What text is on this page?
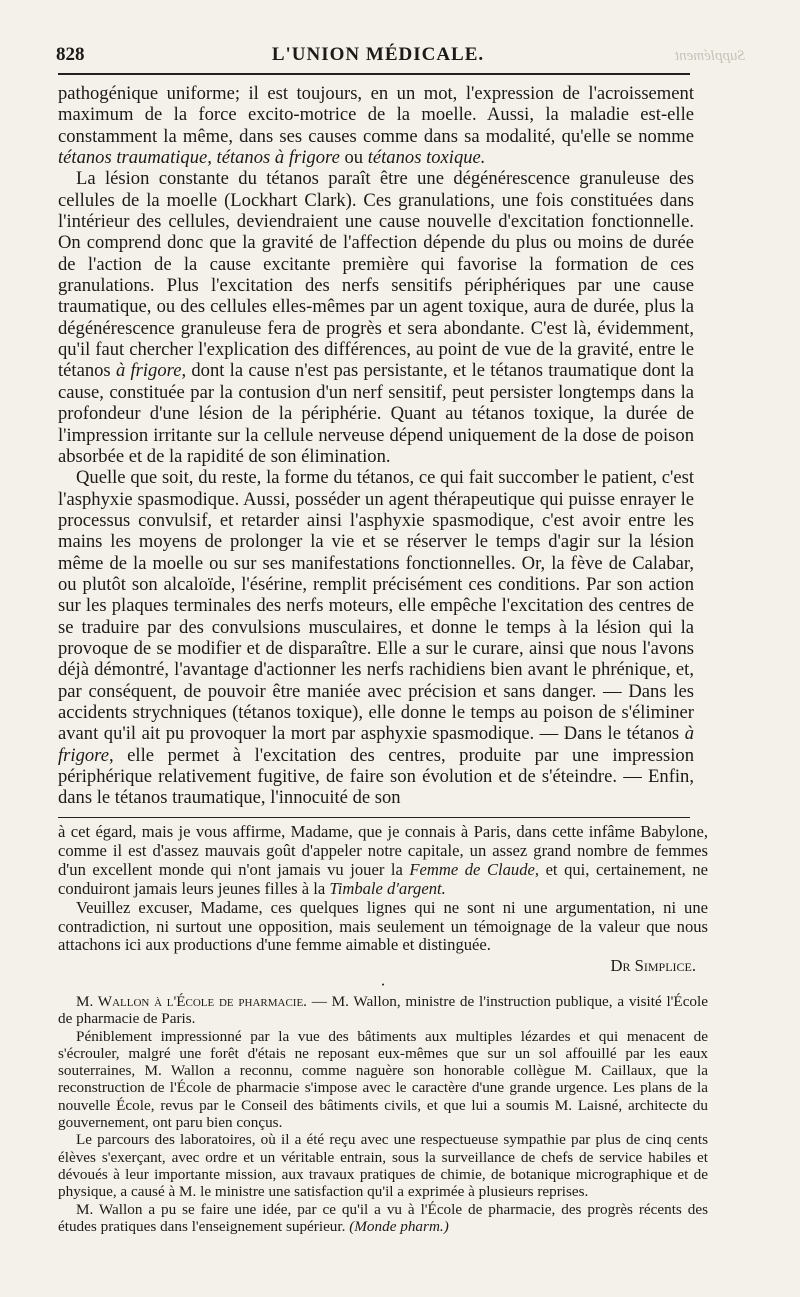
828	L'UNION MÉDICALE.	Supplément

pathogénique uniforme; il est toujours, en un mot, l'expression de l'acroissement maximum de la force excito-motrice de la moelle. Aussi, la maladie est-elle constamment la même, dans ses causes comme dans sa modalité, qu'elle se nomme tétanos traumatique, tétanos à frigore ou tétanos toxique.

La lésion constante du tétanos paraît être une dégénérescence granuleuse des cellules de la moelle (Lockhart Clark). Ces granulations, une fois constituées dans l'intérieur des cellules, deviendraient une cause nouvelle d'excitation fonctionnelle. On comprend donc que la gravité de l'affection dépende du plus ou moins de durée de l'action de la cause excitante première qui favorise la formation de ces granulations. Plus l'excitation des nerfs sensitifs périphériques par une cause traumatique, ou des cellules elles-mêmes par un agent toxique, aura de durée, plus la dégénérescence granuleuse fera de progrès et sera abondante. C'est là, évidemment, qu'il faut chercher l'explication des différences, au point de vue de la gravité, entre le tétanos à frigore, dont la cause n'est pas persistante, et le tétanos traumatique dont la cause, constituée par la contusion d'un nerf sensitif, peut persister longtemps dans la profondeur d'une lésion de la périphérie. Quant au tétanos toxique, la durée de l'impression irritante sur la cellule nerveuse dépend uniquement de la dose de poison absorbée et de la rapidité de son élimination.

Quelle que soit, du reste, la forme du tétanos, ce qui fait succomber le patient, c'est l'asphyxie spasmodique. Aussi, posséder un agent thérapeutique qui puisse enrayer le processus convulsif, et retarder ainsi l'asphyxie spasmodique, c'est avoir entre les mains les moyens de prolonger la vie et se réserver le temps d'agir sur la lésion même de la moelle ou sur ses manifestations fonctionnelles. Or, la fève de Calabar, ou plutôt son alcaloïde, l'ésérine, remplit précisément ces conditions. Par son action sur les plaques terminales des nerfs moteurs, elle empêche l'excitation des centres de se traduire par des convulsions musculaires, et donne le temps à la lésion qui la provoque de se modifier et de disparaître. Elle a sur le curare, ainsi que nous l'avons déjà démontré, l'avantage d'actionner les nerfs rachidiens bien avant le phrénique, et, par conséquent, de pouvoir être maniée avec précision et sans danger. — Dans les accidents strychniques (tétanos toxique), elle donne le temps au poison de s'éliminer avant qu'il ait pu provoquer la mort par asphyxie spasmodique. — Dans le tétanos à frigore, elle permet à l'excitation des centres, produite par une impression périphérique relativement fugitive, de faire son évolution et de s'éteindre. — Enfin, dans le tétanos traumatique, l'innocuité de son

à cet égard, mais je vous affirme, Madame, que je connais à Paris, dans cette infâme Babylone, comme il est d'assez mauvais goût d'appeler notre capitale, un assez grand nombre de femmes d'un excellent monde qui n'ont jamais vu jouer la Femme de Claude, et qui, certainement, ne conduiront jamais leurs jeunes filles à la Timbale d'argent.

Veuillez excuser, Madame, ces quelques lignes qui ne sont ni une argumentation, ni une contradiction, ni surtout une opposition, mais seulement un témoignage de la valeur que nous attachons ici aux productions d'une femme aimable et distinguée.

Dr Simplice.
·

M. Wallon à l'École de pharmacie. — M. Wallon, ministre de l'instruction publique, a visité l'École de pharmacie de Paris.

Péniblement impressionné par la vue des bâtiments aux multiples lézardes et qui menacent de s'écrouler, malgré une forêt d'étais ne reposant eux-mêmes que sur un sol affouillé par les eaux souterraines, M. Wallon a reconnu, comme naguère son honorable collègue M. Caillaux, que la reconstruction de l'École de pharmacie s'impose avec le caractère d'une grande urgence. Les plans de la nouvelle École, revus par le Conseil des bâtiments civils, et que lui a soumis M. Laisné, architecte du gouvernement, ont paru bien conçus.

Le parcours des laboratoires, où il a été reçu avec une respectueuse sympathie par plus de cinq cents élèves s'exerçant, avec ordre et un véritable entrain, sous la surveillance de chefs de service habiles et dévoués à leur importante mission, aux travaux pratiques de chimie, de botanique micrographique et de physique, a causé à M. le ministre une satisfaction qu'il a exprimée à plusieurs reprises.

M. Wallon a pu se faire une idée, par ce qu'il a vu à l'École de pharmacie, des progrès récents des études pratiques dans l'enseignement supérieur. (Monde pharm.)
